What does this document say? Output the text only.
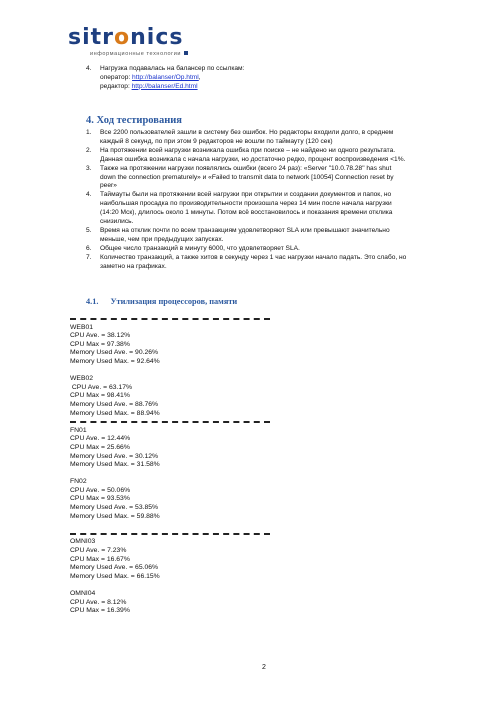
sitronics
информационные технологии
4. Нагрузка подавалась на балансер по ссылкам:
оператор: http://balanser/Op.html,
редактор: http://balanser/Ed.html
4. Ход тестирования
1. Все 2200 пользователей зашли в систему без ошибок. Но редакторы входили долго, в среднем каждый 8 секунд, по при этом 9 редакторов не вошли по таймауту (120 сек)
2. На протяжении всей нагрузки возникала ошибка при поиске – не найдено ни одного результата. Данная ошибка возникала с начала нагрузки, но достаточно редко, процент воспроизведения <1%.
3. Также на протяжении нагрузки появлялись ошибки (всего 24 раз): «Server "10.0.78.28" has shut down the connection prematurely» и «Failed to transmit data to network [10054] Connection reset by peer»
4. Таймауты были на протяжении всей нагрузки при открытии и создании документов и папок, но наибольшая просадка по производительности произошла через 14 мин после начала нагрузки (14:20 Мск), длилось около 1 минуты. Потом всё восстановилось и показания времени отклика снизились.
5. Время на отклик почти по всем транзакциям удовлетворяют SLA или превышают значительно меньше, чем при предыдущих запусках.
6. Общее число транзакций в минуту 6000, что удовлетворяет SLA.
7. Количество транзакций, а также хитов в секунду через 1 час нагрузки начало падать. Это слабо, но заметно на графиках.
4.1. Утилизация процессоров, памяти
WEB01
CPU Ave. = 38.12%
CPU Max = 97.38%
Memory Used Ave. = 90.26%
Memory Used Max. = 92.64%
WEB02
CPU Ave. = 63.17%
CPU Max = 98.41%
Memory Used Ave. = 88.76%
Memory Used Max. = 88.94%
FN01
CPU Ave. = 12.44%
CPU Max = 25.66%
Memory Used Ave. = 30.12%
Memory Used Max. = 31.58%
FN02
CPU Ave. = 50.06%
CPU Max = 93.53%
Memory Used Ave. = 53.85%
Memory Used Max. = 59.88%
OMNI03
CPU Ave. = 7.23%
CPU Max = 16.67%
Memory Used Ave. = 65.06%
Memory Used Max. = 66.15%
OMNI04
CPU Ave. = 8.12%
CPU Max = 16.39%
2
